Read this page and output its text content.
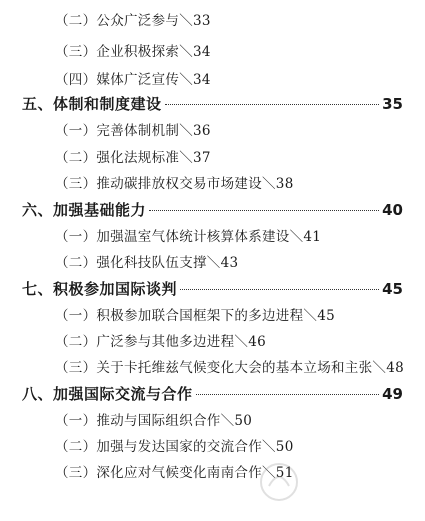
（二）公众广泛参与＼33
（三）企业积极探索＼34
（四）媒体广泛宣传＼34
五、体制和制度建设	35
（一）完善体制机制＼36
（二）强化法规标准＼37
（三）推动碳排放权交易市场建设＼38
六、加强基础能力	40
（一）加强温室气体统计核算体系建设＼41
（二）强化科技队伍支撑＼43
七、积极参加国际谈判	45
（一）积极参加联合国框架下的多边进程＼45
（二）广泛参与其他多边进程＼46
（三）关于卡托维兹气候变化大会的基本立场和主张＼48
八、加强国际交流与合作	49
（一）推动与国际组织合作＼50
（二）加强与发达国家的交流合作＼50
（三）深化应对气候变化南南合作＼51
